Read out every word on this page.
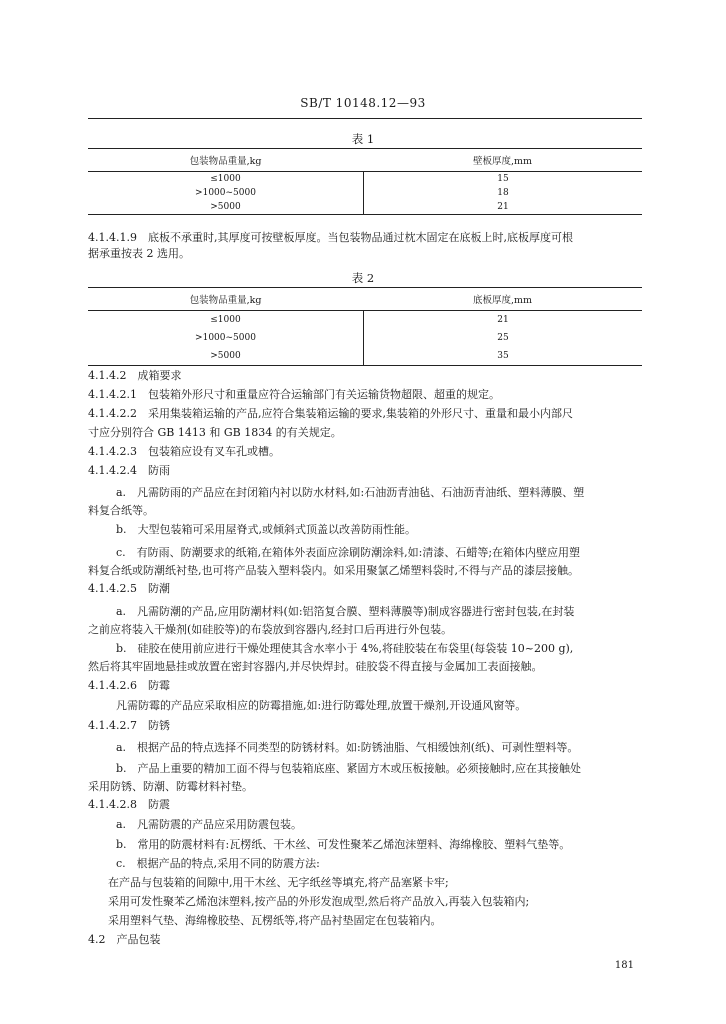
SB/T 10148.12—93
表 1
包装物品重量,kg	壁板厚度,mm
≤1000	15
>1000~5000	18
>5000	21
4.1.4.1.9　底板不承重时,其厚度可按壁板厚度。当包装物品通过枕木固定在底板上时,底板厚度可根
据承重按表 2 选用。
表 2
包装物品重量,kg	底板厚度,mm
≤1000	21
>1000~5000	25
>5000	35
4.1.4.2　成箱要求
4.1.4.2.1　包装箱外形尺寸和重量应符合运输部门有关运输货物超限、超重的规定。
4.1.4.2.2　采用集装箱运输的产品,应符合集装箱运输的要求,集装箱的外形尺寸、重量和最小内部尺
寸应分别符合 GB 1413 和 GB 1834 的有关规定。
4.1.4.2.3　包装箱应设有叉车孔或槽。
4.1.4.2.4　防雨
a.　凡需防雨的产品应在封闭箱内衬以防水材料,如:石油沥青油毡、石油沥青油纸、塑料薄膜、塑
料复合纸等。
b.　大型包装箱可采用屋脊式,或倾斜式顶盖以改善防雨性能。
c.　有防雨、防潮要求的纸箱,在箱体外表面应涂刷防潮涂料,如:清漆、石蜡等;在箱体内壁应用塑
料复合纸或防潮纸衬垫,也可将产品装入塑料袋内。如采用聚氯乙烯塑料袋时,不得与产品的漆层接触。
4.1.4.2.5　防潮
a.　凡需防潮的产品,应用防潮材料(如:铝箔复合膜、塑料薄膜等)制成容器进行密封包装,在封装
之前应将装入干燥剂(如硅胶等)的布袋放到容器内,经封口后再进行外包装。
b.　硅胶在使用前应进行干燥处理使其含水率小于 4%,将硅胶装在布袋里(每袋装 10~200 g),
然后将其牢固地悬挂或放置在密封容器内,并尽快焊封。硅胶袋不得直接与金属加工表面接触。
4.1.4.2.6　防霉
凡需防霉的产品应采取相应的防霉措施,如:进行防霉处理,放置干燥剂,开设通风窗等。
4.1.4.2.7　防锈
a.　根据产品的特点选择不同类型的防锈材料。如:防锈油脂、气相缓蚀剂(纸)、可剥性塑料等。
b.　产品上重要的精加工面不得与包装箱底座、紧固方木或压板接触。必须接触时,应在其接触处
采用防锈、防潮、防霉材料衬垫。
4.1.4.2.8　防震
a.　凡需防震的产品应采用防震包装。
b.　常用的防震材料有:瓦楞纸、干木丝、可发性聚苯乙烯泡沫塑料、海绵橡胶、塑料气垫等。
c.　根据产品的特点,采用不同的防震方法:
在产品与包装箱的间隙中,用干木丝、无字纸丝等填充,将产品塞紧卡牢;
采用可发性聚苯乙烯泡沫塑料,按产品的外形发泡成型,然后将产品放入,再装入包装箱内;
采用塑料气垫、海绵橡胶垫、瓦楞纸等,将产品衬垫固定在包装箱内。
4.2　产品包装
181
